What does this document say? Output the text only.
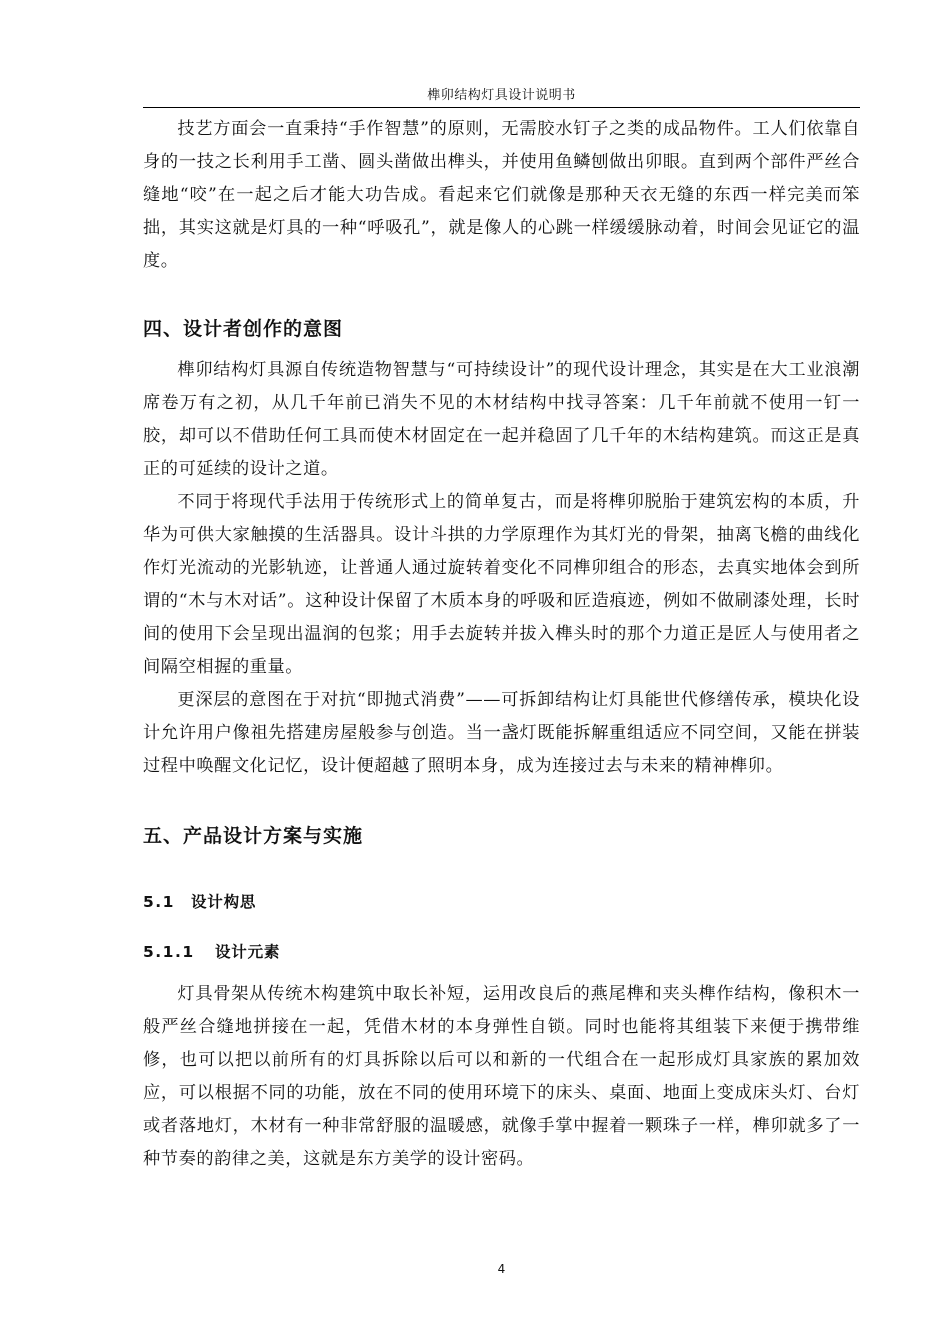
榫卯结构灯具设计说明书

技艺方面会一直秉持“手作智慧”的原则，无需胶水钉子之类的成品物件。工人们依靠自身的一技之长利用手工凿、圆头凿做出榫头，并使用鱼鳞刨做出卯眼。直到两个部件严丝合缝地“咬”在一起之后才能大功告成。看起来它们就像是那种天衣无缝的东西一样完美而笨拙，其实这就是灯具的一种“呼吸孔”，就是像人的心跳一样缓缓脉动着，时间会见证它的温度。

四、设计者创作的意图

榫卯结构灯具源自传统造物智慧与“可持续设计”的现代设计理念，其实是在大工业浪潮席卷万有之初，从几千年前已消失不见的木材结构中找寻答案：几千年前就不使用一钉一胶，却可以不借助任何工具而使木材固定在一起并稳固了几千年的木结构建筑。而这正是真正的可延续的设计之道。

不同于将现代手法用于传统形式上的简单复古，而是将榫卯脱胎于建筑宏构的本质，升华为可供大家触摸的生活器具。设计斗拱的力学原理作为其灯光的骨架，抽离飞檐的曲线化作灯光流动的光影轨迹，让普通人通过旋转着变化不同榫卯组合的形态，去真实地体会到所谓的“木与木对话”。这种设计保留了木质本身的呼吸和匠造痕迹，例如不做刷漆处理，长时间的使用下会呈现出温润的包浆；用手去旋转并拔入榫头时的那个力道正是匠人与使用者之间隔空相握的重量。

更深层的意图在于对抗“即抛式消费”——可拆卸结构让灯具能世代修缮传承，模块化设计允许用户像祖先搭建房屋般参与创造。当一盏灯既能拆解重组适应不同空间，又能在拼装过程中唤醒文化记忆，设计便超越了照明本身，成为连接过去与未来的精神榫卯。

五、产品设计方案与实施
5.1 设计构思
5.1.1 设计元素

灯具骨架从传统木构建筑中取长补短，运用改良后的燕尾榫和夹头榫作结构，像积木一般严丝合缝地拼接在一起，凭借木材的本身弹性自锁。同时也能将其组装下来便于携带维修，也可以把以前所有的灯具拆除以后可以和新的一代组合在一起形成灯具家族的累加效应，可以根据不同的功能，放在不同的使用环境下的床头、桌面、地面上变成床头灯、台灯或者落地灯，木材有一种非常舒服的温暖感，就像手掌中握着一颗珠子一样，榫卯就多了一种节奏的韵律之美，这就是东方美学的设计密码。

4
